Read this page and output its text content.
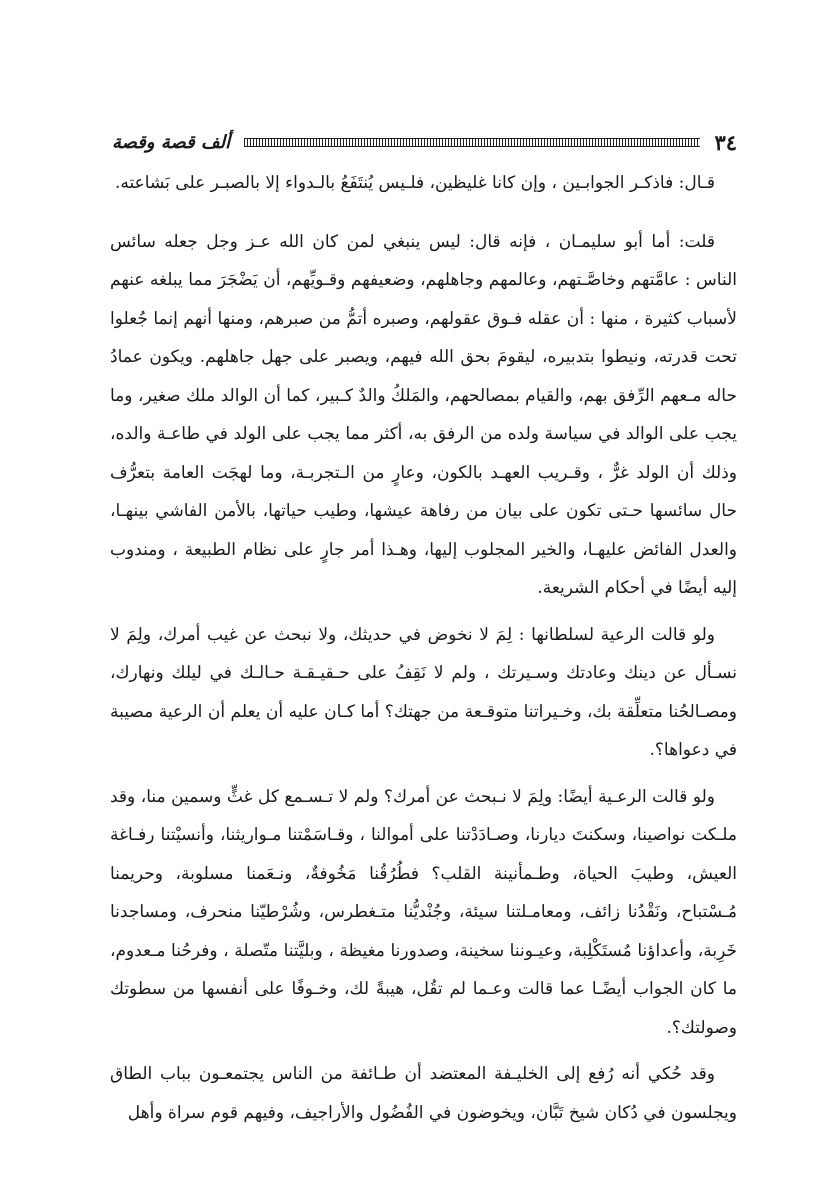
٣٤
ألف قصة وقصة

قـال: فاذكـر الجوابـين ، وإن كانا غليظين، فلـيس يُنتَفَعُ بالـدواء إلا بالصبـر على بَشاعته.

قلت: أما أبو سليمـان ، فإنه قال: ليس ينبغي لمن كان الله عـز وجل جعله سائس الناس : عامَّتهم وخاصَّـتهم، وعالمهم وجاهلهم، وضعيفهم وقـويِّهم، أن يَضْجَرَ مما يبلغه عنهم لأسباب كثيرة ، منها : أن عقله فـوق عقولهم، وصبره أتمُّ من صبرهم، ومنها أنهم إنما جُعلوا تحت قدرته، ونيطوا بتدبيره، ليقومَ بحق الله فيهم، ويصبر على جهل جاهلهم. ويكون عمادُ حاله مـعهم الرِّفق بهم، والقيام بمصالحهم، والمَلكُ والدٌ كـبير، كما أن الوالد ملك صغير، وما يجب على الوالد في سياسة ولده من الرفق به، أكثر مما يجب على الولد في طاعـة والده، وذلك أن الولد غرٌّ ، وقـريب العهـد بالكون، وعارٍ من الـتجربـة، وما لهجَت العامة بتعرُّف حال سائسها حـتى تكون على بيان من رفاهة عيشها، وطيب حياتها، بالأمن الفاشي بينهـا، والعدل الفائض عليهـا، والخير المجلوب إليها، وهـذا أمر جارٍ على نظام الطبيعة ، ومندوب إليه أيضًا في أحكام الشريعة.

ولو قالت الرعية لسلطانها : لِمَ لا نخوض في حديثك، ولا نبحث عن غيب أمرك، ولِمَ لا نسـأل عن دينك وعادتك وسـيرتك ، ولم لا نَقِفُ على حـقيـقـة حـالـك في ليلك ونهارك، ومصـالحُنا متعلِّقة بك، وخـيراتنا متوقـعة من جهتك؟ أما كـان عليه أن يعلم أن الرعية مصيبة في دعواها؟.

ولو قالت الرعـية أيضًا: ولِمَ لا نـبحث عن أمرك؟ ولم لا تـسـمع كل غثٍّ وسمين منا، وقد ملـكت نواصينا، وسكنتَ ديارنا، وصـادَدْتنا على أموالنا ، وقـاسَمْتنا مـواريثنا، وأنسيْتنا رفـاغة العيش، وطيبَ الحياة، وطـمأنينة القلب؟ فطُرُقُنا مَخُوفةٌ، ونـعَمنا مسلوبة، وحريمنا مُـسْتباح، ونَقْدُنا زائف، ومعامـلتنا سيئة، وجُنْديُّنا متـغطرس، وشُرْطيّنا منحرف، ومساجدنا خَرِبة، وأعداؤنا مُستَكْلِبة، وعيـوننا سخينة، وصدورنا مغيظة ، وبليَّتنا متّصلة ، وفرحُنا مـعدوم، ما كان الجواب أيضًـا عما قالت وعـما لم تقُل، هيبةً لك، وخـوفًا على أنفسها من سطوتك وصولتك؟.

وقد حُكي أنه رُفع إلى الخليـفة المعتضد أن طـائفة من الناس يجتمعـون بباب الطاق ويجلسون في دُكان شيخ تَبَّان، ويخوضون في الفُضُول والأراجيف، وفيهم قوم سراة وأهل
